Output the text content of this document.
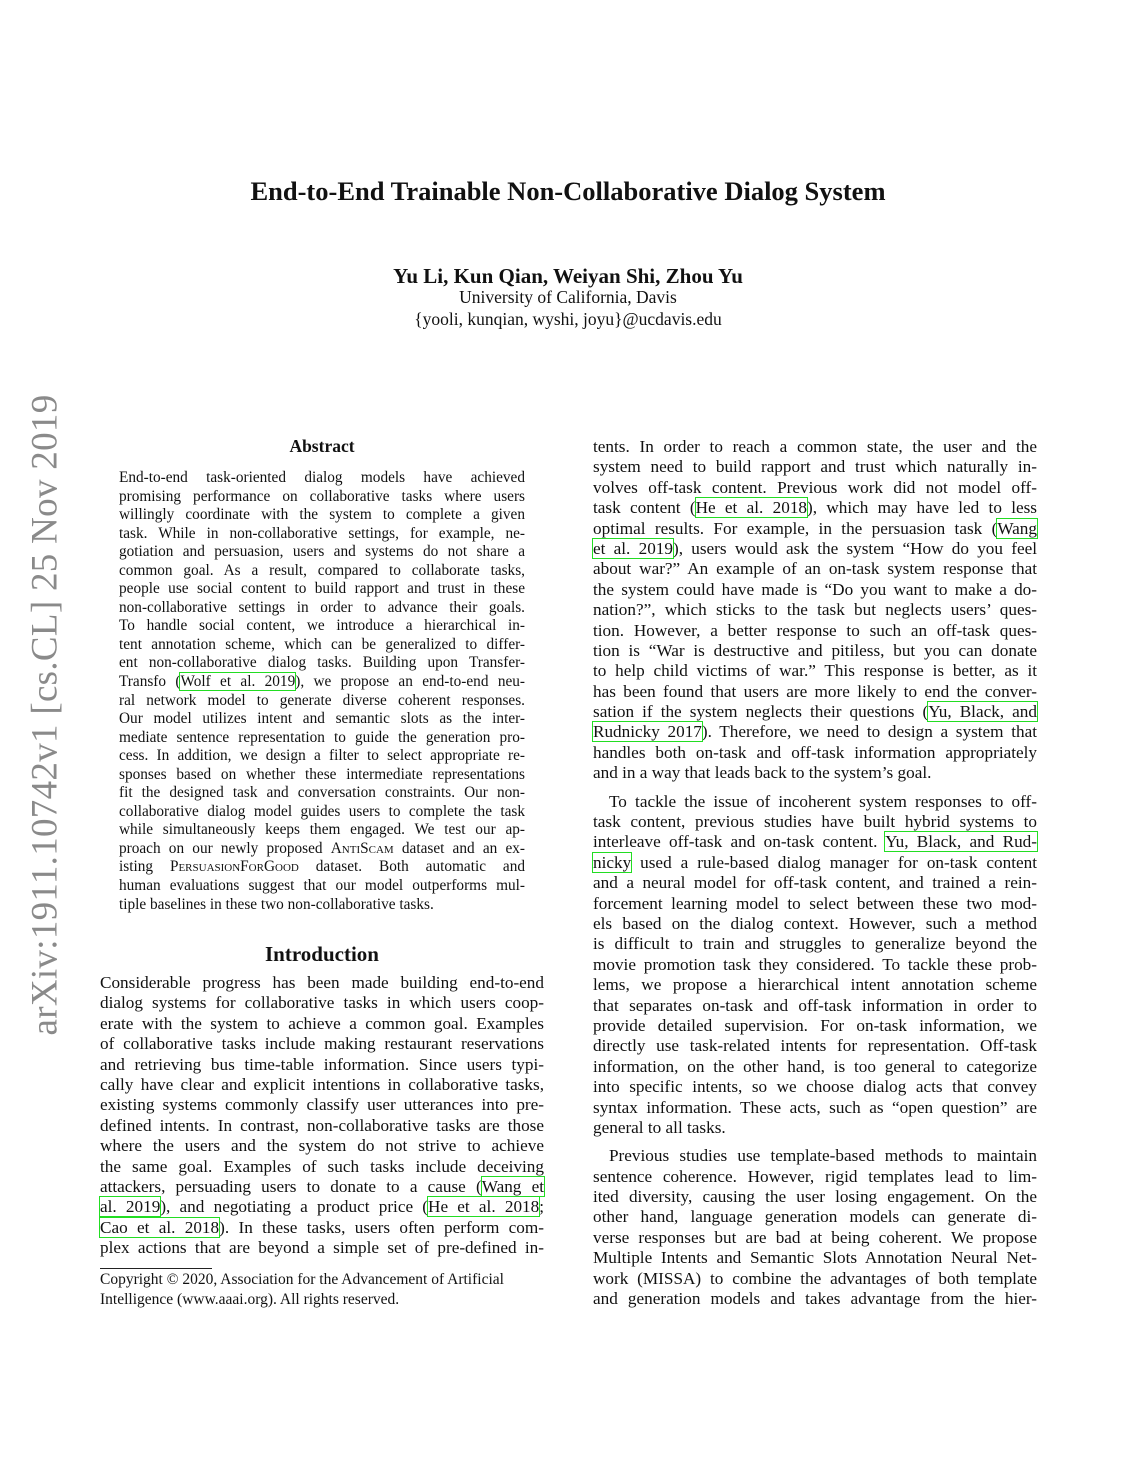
arXiv:1911.10742v1 [cs.CL] 25 Nov 2019
End-to-End Trainable Non-Collaborative Dialog System
Yu Li, Kun Qian, Weiyan Shi, Zhou Yu
University of California, Davis
{yooli, kunqian, wyshi, joyu}@ucdavis.edu
Abstract
End-to-end task-oriented dialog models have achieved
promising performance on collaborative tasks where users
willingly coordinate with the system to complete a given
task. While in non-collaborative settings, for example, ne-
gotiation and persuasion, users and systems do not share a
common goal. As a result, compared to collaborate tasks,
people use social content to build rapport and trust in these
non-collaborative settings in order to advance their goals.
To handle social content, we introduce a hierarchical in-
tent annotation scheme, which can be generalized to differ-
ent non-collaborative dialog tasks. Building upon Transfer-
Transfo (Wolf et al. 2019), we propose an end-to-end neu-
ral network model to generate diverse coherent responses.
Our model utilizes intent and semantic slots as the inter-
mediate sentence representation to guide the generation pro-
cess. In addition, we design a filter to select appropriate re-
sponses based on whether these intermediate representations
fit the designed task and conversation constraints. Our non-
collaborative dialog model guides users to complete the task
while simultaneously keeps them engaged. We test our ap-
proach on our newly proposed AntiScam dataset and an ex-
isting PersuasionForGood dataset. Both automatic and
human evaluations suggest that our model outperforms mul-
tiple baselines in these two non-collaborative tasks.
Introduction
Considerable progress has been made building end-to-end
dialog systems for collaborative tasks in which users coop-
erate with the system to achieve a common goal. Examples
of collaborative tasks include making restaurant reservations
and retrieving bus time-table information. Since users typi-
cally have clear and explicit intentions in collaborative tasks,
existing systems commonly classify user utterances into pre-
defined intents. In contrast, non-collaborative tasks are those
where the users and the system do not strive to achieve
the same goal. Examples of such tasks include deceiving
attackers, persuading users to donate to a cause (Wang et
al. 2019), and negotiating a product price (He et al. 2018;
Cao et al. 2018). In these tasks, users often perform com-
plex actions that are beyond a simple set of pre-defined in-
tents. In order to reach a common state, the user and the
system need to build rapport and trust which naturally in-
volves off-task content. Previous work did not model off-
task content (He et al. 2018), which may have led to less
optimal results. For example, in the persuasion task (Wang
et al. 2019), users would ask the system “How do you feel
about war?” An example of an on-task system response that
the system could have made is “Do you want to make a do-
nation?”, which sticks to the task but neglects users’ ques-
tion. However, a better response to such an off-task ques-
tion is “War is destructive and pitiless, but you can donate
to help child victims of war.” This response is better, as it
has been found that users are more likely to end the conver-
sation if the system neglects their questions (Yu, Black, and
Rudnicky 2017). Therefore, we need to design a system that
handles both on-task and off-task information appropriately
and in a way that leads back to the system’s goal.
To tackle the issue of incoherent system responses to off-
task content, previous studies have built hybrid systems to
interleave off-task and on-task content. Yu, Black, and Rud-
nicky used a rule-based dialog manager for on-task content
and a neural model for off-task content, and trained a rein-
forcement learning model to select between these two mod-
els based on the dialog context. However, such a method
is difficult to train and struggles to generalize beyond the
movie promotion task they considered. To tackle these prob-
lems, we propose a hierarchical intent annotation scheme
that separates on-task and off-task information in order to
provide detailed supervision. For on-task information, we
directly use task-related intents for representation. Off-task
information, on the other hand, is too general to categorize
into specific intents, so we choose dialog acts that convey
syntax information. These acts, such as “open question” are
general to all tasks.
Previous studies use template-based methods to maintain
sentence coherence. However, rigid templates lead to lim-
ited diversity, causing the user losing engagement. On the
other hand, language generation models can generate di-
verse responses but are bad at being coherent. We propose
Multiple Intents and Semantic Slots Annotation Neural Net-
work (MISSA) to combine the advantages of both template
and generation models and takes advantage from the hier-
Copyright © 2020, Association for the Advancement of Artificial
Intelligence (www.aaai.org). All rights reserved.
